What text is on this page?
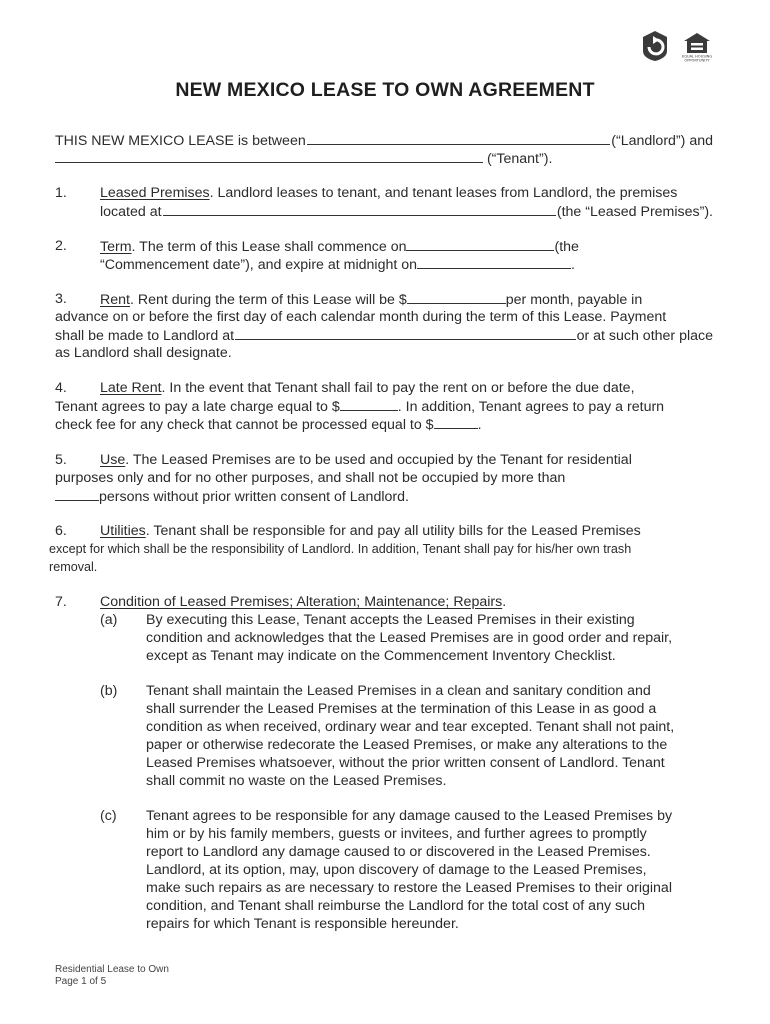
EQUAL HOUSING
OPPORTUNITY
NEW MEXICO LEASE TO OWN AGREEMENT
THIS NEW MEXICO LEASE is between	(“Landlord”) and
(“Tenant”).
1. Leased Premises. Landlord leases to tenant, and tenant leases from Landlord, the premises
located at	(the “Leased Premises”).
2. Term. The term of this Lease shall commence on	(the
“Commencement date”), and expire at midnight on	.
3. Rent. Rent during the term of this Lease will be $	per month, payable in
advance on or before the first day of each calendar month during the term of this Lease. Payment
shall be made to Landlord at	or at such other place
as Landlord shall designate.
4. Late Rent. In the event that Tenant shall fail to pay the rent on or before the due date,
Tenant agrees to pay a late charge equal to $	. In addition, Tenant agrees to pay a return
check fee for any check that cannot be processed equal to $	.
5. Use. The Leased Premises are to be used and occupied by the Tenant for residential
purposes only and for no other purposes, and shall not be occupied by more than
persons without prior written consent of Landlord.
6. Utilities. Tenant shall be responsible for and pay all utility bills for the Leased Premises
except for which shall be the responsibility of Landlord. In addition, Tenant shall pay for his/her own trash
removal.
7. Condition of Leased Premises; Alteration; Maintenance; Repairs.
(a) By executing this Lease, Tenant accepts the Leased Premises in their existing
condition and acknowledges that the Leased Premises are in good order and repair,
except as Tenant may indicate on the Commencement Inventory Checklist.
(b) Tenant shall maintain the Leased Premises in a clean and sanitary condition and
shall surrender the Leased Premises at the termination of this Lease in as good a
condition as when received, ordinary wear and tear excepted. Tenant shall not paint,
paper or otherwise redecorate the Leased Premises, or make any alterations to the
Leased Premises whatsoever, without the prior written consent of Landlord. Tenant
shall commit no waste on the Leased Premises.
(c) Tenant agrees to be responsible for any damage caused to the Leased Premises by
him or by his family members, guests or invitees, and further agrees to promptly
report to Landlord any damage caused to or discovered in the Leased Premises.
Landlord, at its option, may, upon discovery of damage to the Leased Premises,
make such repairs as are necessary to restore the Leased Premises to their original
condition, and Tenant shall reimburse the Landlord for the total cost of any such
repairs for which Tenant is responsible hereunder.
Residential Lease to Own
Page 1 of 5
